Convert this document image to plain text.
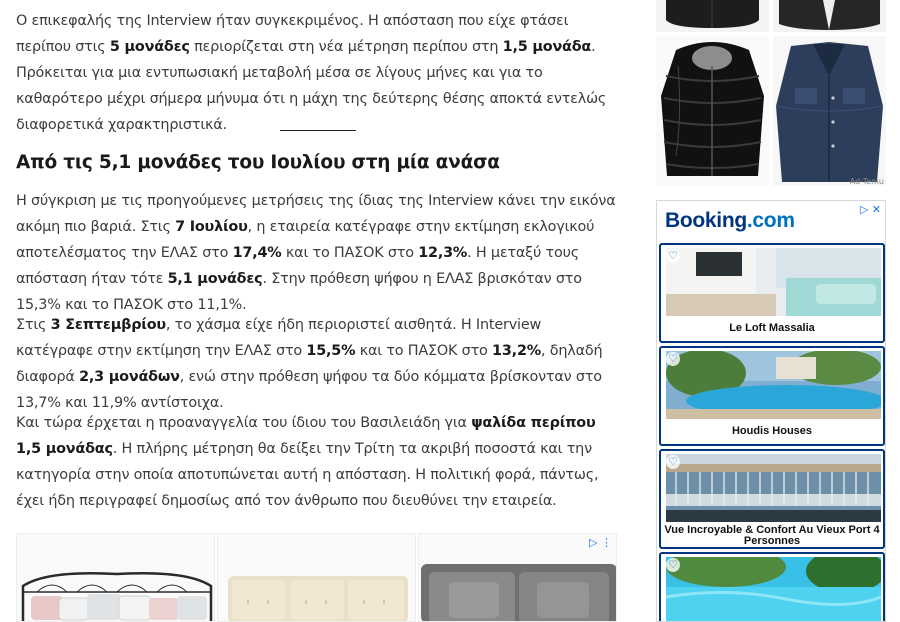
Ο επικεφαλής της Interview ήταν συγκεκριμένος. Η απόσταση που είχε φτάσει περίπου στις 5 μονάδες περιορίζεται στη νέα μέτρηση περίπου στη 1,5 μονάδα. Πρόκειται για μια εντυπωσιακή μεταβολή μέσα σε λίγους μήνες και για το καθαρότερο μέχρι σήμερα μήνυμα ότι η μάχη της δεύτερης θέσης αποκτά εντελώς διαφορετικά χαρακτηριστικά.

Από τις 5,1 μονάδες του Ιουλίου στη μία ανάσα

Η σύγκριση με τις προηγούμενες μετρήσεις της ίδιας της Interview κάνει την εικόνα ακόμη πιο βαριά. Στις 7 Ιουλίου, η εταιρεία κατέγραφε στην εκτίμηση εκλογικού αποτελέσματος την ΕΛΑΣ στο 17,4% και το ΠΑΣΟΚ στο 12,3%. Η μεταξύ τους απόσταση ήταν τότε 5,1 μονάδες. Στην πρόθεση ψήφου η ΕΛΑΣ βρισκόταν στο 15,3% και το ΠΑΣΟΚ στο 11,1%.

Στις 3 Σεπτεμβρίου, το χάσμα είχε ήδη περιοριστεί αισθητά. Η Interview κατέγραφε στην εκτίμηση την ΕΛΑΣ στο 15,5% και το ΠΑΣΟΚ στο 13,2%, δηλαδή διαφορά 2,3 μονάδων, ενώ στην πρόθεση ψήφου τα δύο κόμματα βρίσκονταν στο 13,7% και 11,9% αντίστοιχα.

Και τώρα έρχεται η προαναγγελία του ίδιου του Βασιλειάδη για ψαλίδα περίπου 1,5 μονάδας. Η πλήρης μέτρηση θα δείξει την Τρίτη τα ακριβή ποσοστά και την κατηγορία στην οποία αποτυπώνεται αυτή η απόσταση. Η πολιτική φορά, πάντως, έχει ήδη περιγραφεί δημοσίως από τον άνθρωπο που διευθύνει την εταιρεία.

▷ ⋮
Ad·Temu
Booking.com	▷ ✕
♡
Le Loft Massalia
♡
Houdis Houses
♡
Vue Incroyable & Confort Au Vieux Port 4 Personnes
♡
